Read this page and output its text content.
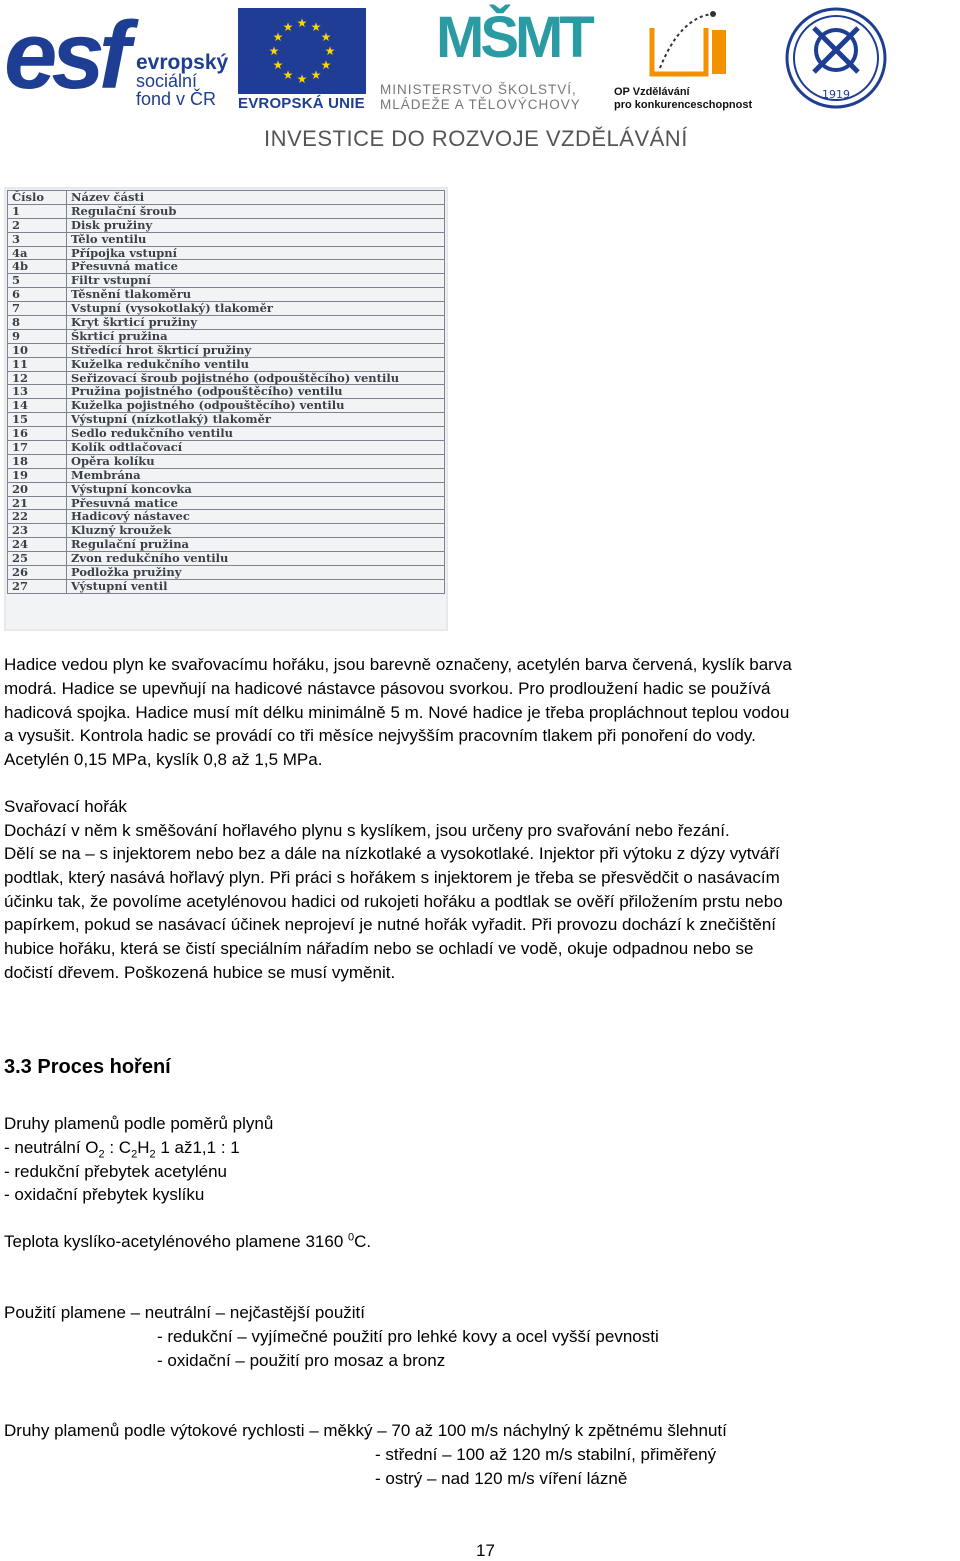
esf evropský
sociální
fond v ČR
★ ★
★
★
★
★
★
★
★
★
★
★
EVROPSKÁ UNIE
MŠMT
MINISTERSTVO ŠKOLSTVÍ,
MLÁDEŽE A TĚLOVÝCHOVY
OP Vzdělávání
pro konkurenceschopnost
1919
INVESTICE DO ROZVOJE VZDĚLÁVÁNÍ
Číslo	Název části
1	Regulační šroub
2	Disk pružiny
3	Tělo ventilu
4a	Přípojka vstupní
4b	Přesuvná matice
5	Filtr vstupní
6	Těsnění tlakoměru
7	Vstupní (vysokotlaký) tlakoměr
8	Kryt škrticí pružiny
9	Škrticí pružina
10	Středící hrot škrticí pružiny
11	Kuželka redukčního ventilu
12	Seřizovací šroub pojistného (odpouštěcího) ventilu
13	Pružina pojistného (odpouštěcího) ventilu
14	Kuželka pojistného (odpouštěcího) ventilu
15	Výstupní (nízkotlaký) tlakoměr
16	Sedlo redukčního ventilu
17	Kolík odtlačovací
18	Opěra kolíku
19	Membrána
20	Výstupní koncovka
21	Přesuvná matice
22	Hadicový nástavec
23	Kluzný kroužek
24	Regulační pružina
25	Zvon redukčního ventilu
26	Podložka pružiny
27	Výstupní ventil
Hadice vedou plyn ke svařovacímu hořáku, jsou barevně označeny, acetylén barva červená, kyslík barva
modrá. Hadice se upevňují na hadicové nástavce pásovou svorkou. Pro prodloužení hadic se používá
hadicová spojka. Hadice musí mít délku minimálně 5 m. Nové hadice je třeba propláchnout teplou vodou
a vysušit. Kontrola hadic se provádí co tři měsíce nejvyšším pracovním tlakem při ponoření do vody.
Acetylén 0,15 MPa, kyslík 0,8 až 1,5 MPa.
Svařovací hořák
Dochází v něm k směšování hořlavého plynu s kyslíkem, jsou určeny pro svařování nebo řezání.
Dělí se na – s injektorem nebo bez a dále na nízkotlaké a vysokotlaké. Injektor při výtoku z dýzy vytváří
podtlak, který nasává hořlavý plyn. Při práci s hořákem s injektorem je třeba se přesvědčit o nasávacím
účinku tak, že povolíme acetylénovou hadici od rukojeti hořáku a podtlak se ověří přiložením prstu nebo
papírkem, pokud se nasávací účinek neprojeví je nutné hořák vyřadit. Při provozu dochází k znečištění
hubice hořáku, která se čistí speciálním nářadím nebo se ochladí ve vodě, okuje odpadnou nebo se
dočistí dřevem. Poškozená hubice se musí vyměnit.
3.3 Proces hoření
Druhy plamenů podle poměrů plynů
- neutrální $O_2$ : $C_2H_2$ 1 až1,1 : 1
- redukční přebytek acetylénu
- oxidační přebytek kyslíku
Teplota kyslíko-acetylénového plamene 3160 $^0$C.
Použití plamene – neutrální – nejčastější použití
- redukční – vyjímečné použití pro lehké kovy a ocel vyšší pevnosti
- oxidační – použití pro mosaz a bronz
Druhy plamenů podle výtokové rychlosti – měkký – 70 až 100 m/s náchylný k zpětnému šlehnutí
- střední – 100 až 120 m/s stabilní, přiměřený
- ostrý – nad 120 m/s víření lázně
17
